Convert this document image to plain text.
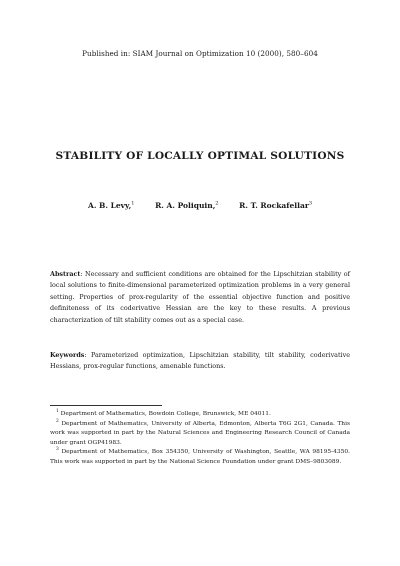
Published in: SIAM Journal on Optimization 10 (2000), 580–604
STABILITY OF LOCALLY OPTIMAL SOLUTIONS
A. B. Levy,$^1$	R. A. Poliquin,$^2$	R. T. Rockafellar$^3$
Abstract: Necessary and sufficient conditions are obtained for the Lipschitzian stability of local solutions to finite-dimensional parameterized optimization problems in a very general setting. Properties of prox-regularity of the essential objective function and positive definiteness of its coderivative Hessian are the key to these results. A previous characterization of tilt stability comes out as a special case.
Keywords: Parameterized optimization, Lipschitzian stability, tilt stability, coderivative Hessians, prox-regular functions, amenable functions.

$^1$ Department of Mathematics, Bowdoin College, Brunswick, ME 04011.

$^2$ Department of Mathematics, University of Alberta, Edmonton, Alberta T6G 2G1, Canada. This work was supported in part by the Natural Sciences and Engineering Research Council of Canada under grant OGP41983.

$^3$ Department of Mathematics, Box 354350, University of Washington, Seattle, WA 98195-4350. This work was supported in part by the National Science Foundation under grant DMS–9803089.
